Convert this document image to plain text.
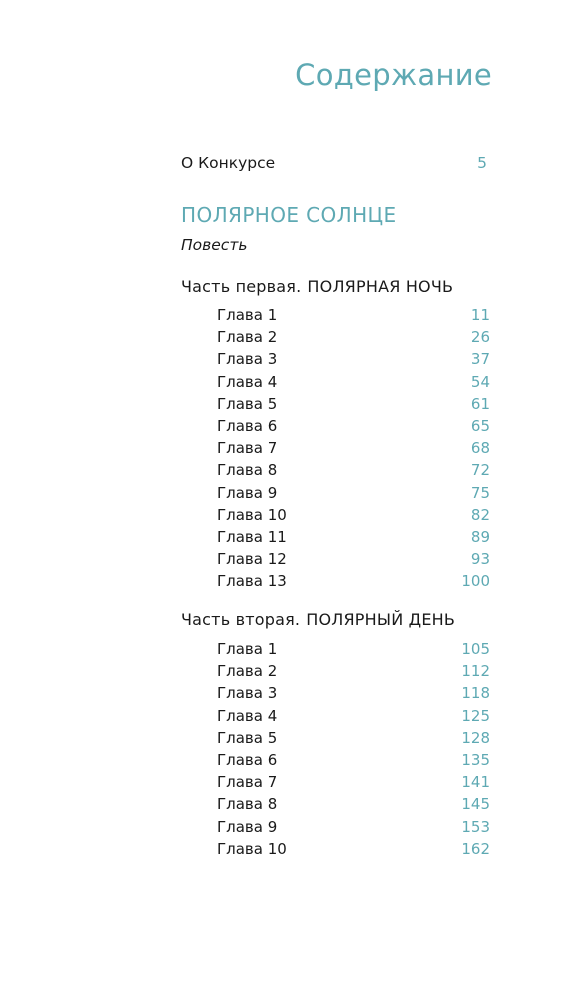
Содержание
О Конкурсе	5
ПОЛЯРНОЕ СОЛНЦЕ
Повесть
Часть первая. ПОЛЯРНАЯ НОЧЬ
Глава 1	11
Глава 2	26
Глава 3	37
Глава 4	54
Глава 5	61
Глава 6	65
Глава 7	68
Глава 8	72
Глава 9	75
Глава 10	82
Глава 11	89
Глава 12	93
Глава 13	100
Часть вторая. ПОЛЯРНЫЙ ДЕНЬ
Глава 1	105
Глава 2	112
Глава 3	118
Глава 4	125
Глава 5	128
Глава 6	135
Глава 7	141
Глава 8	145
Глава 9	153
Глава 10	162
